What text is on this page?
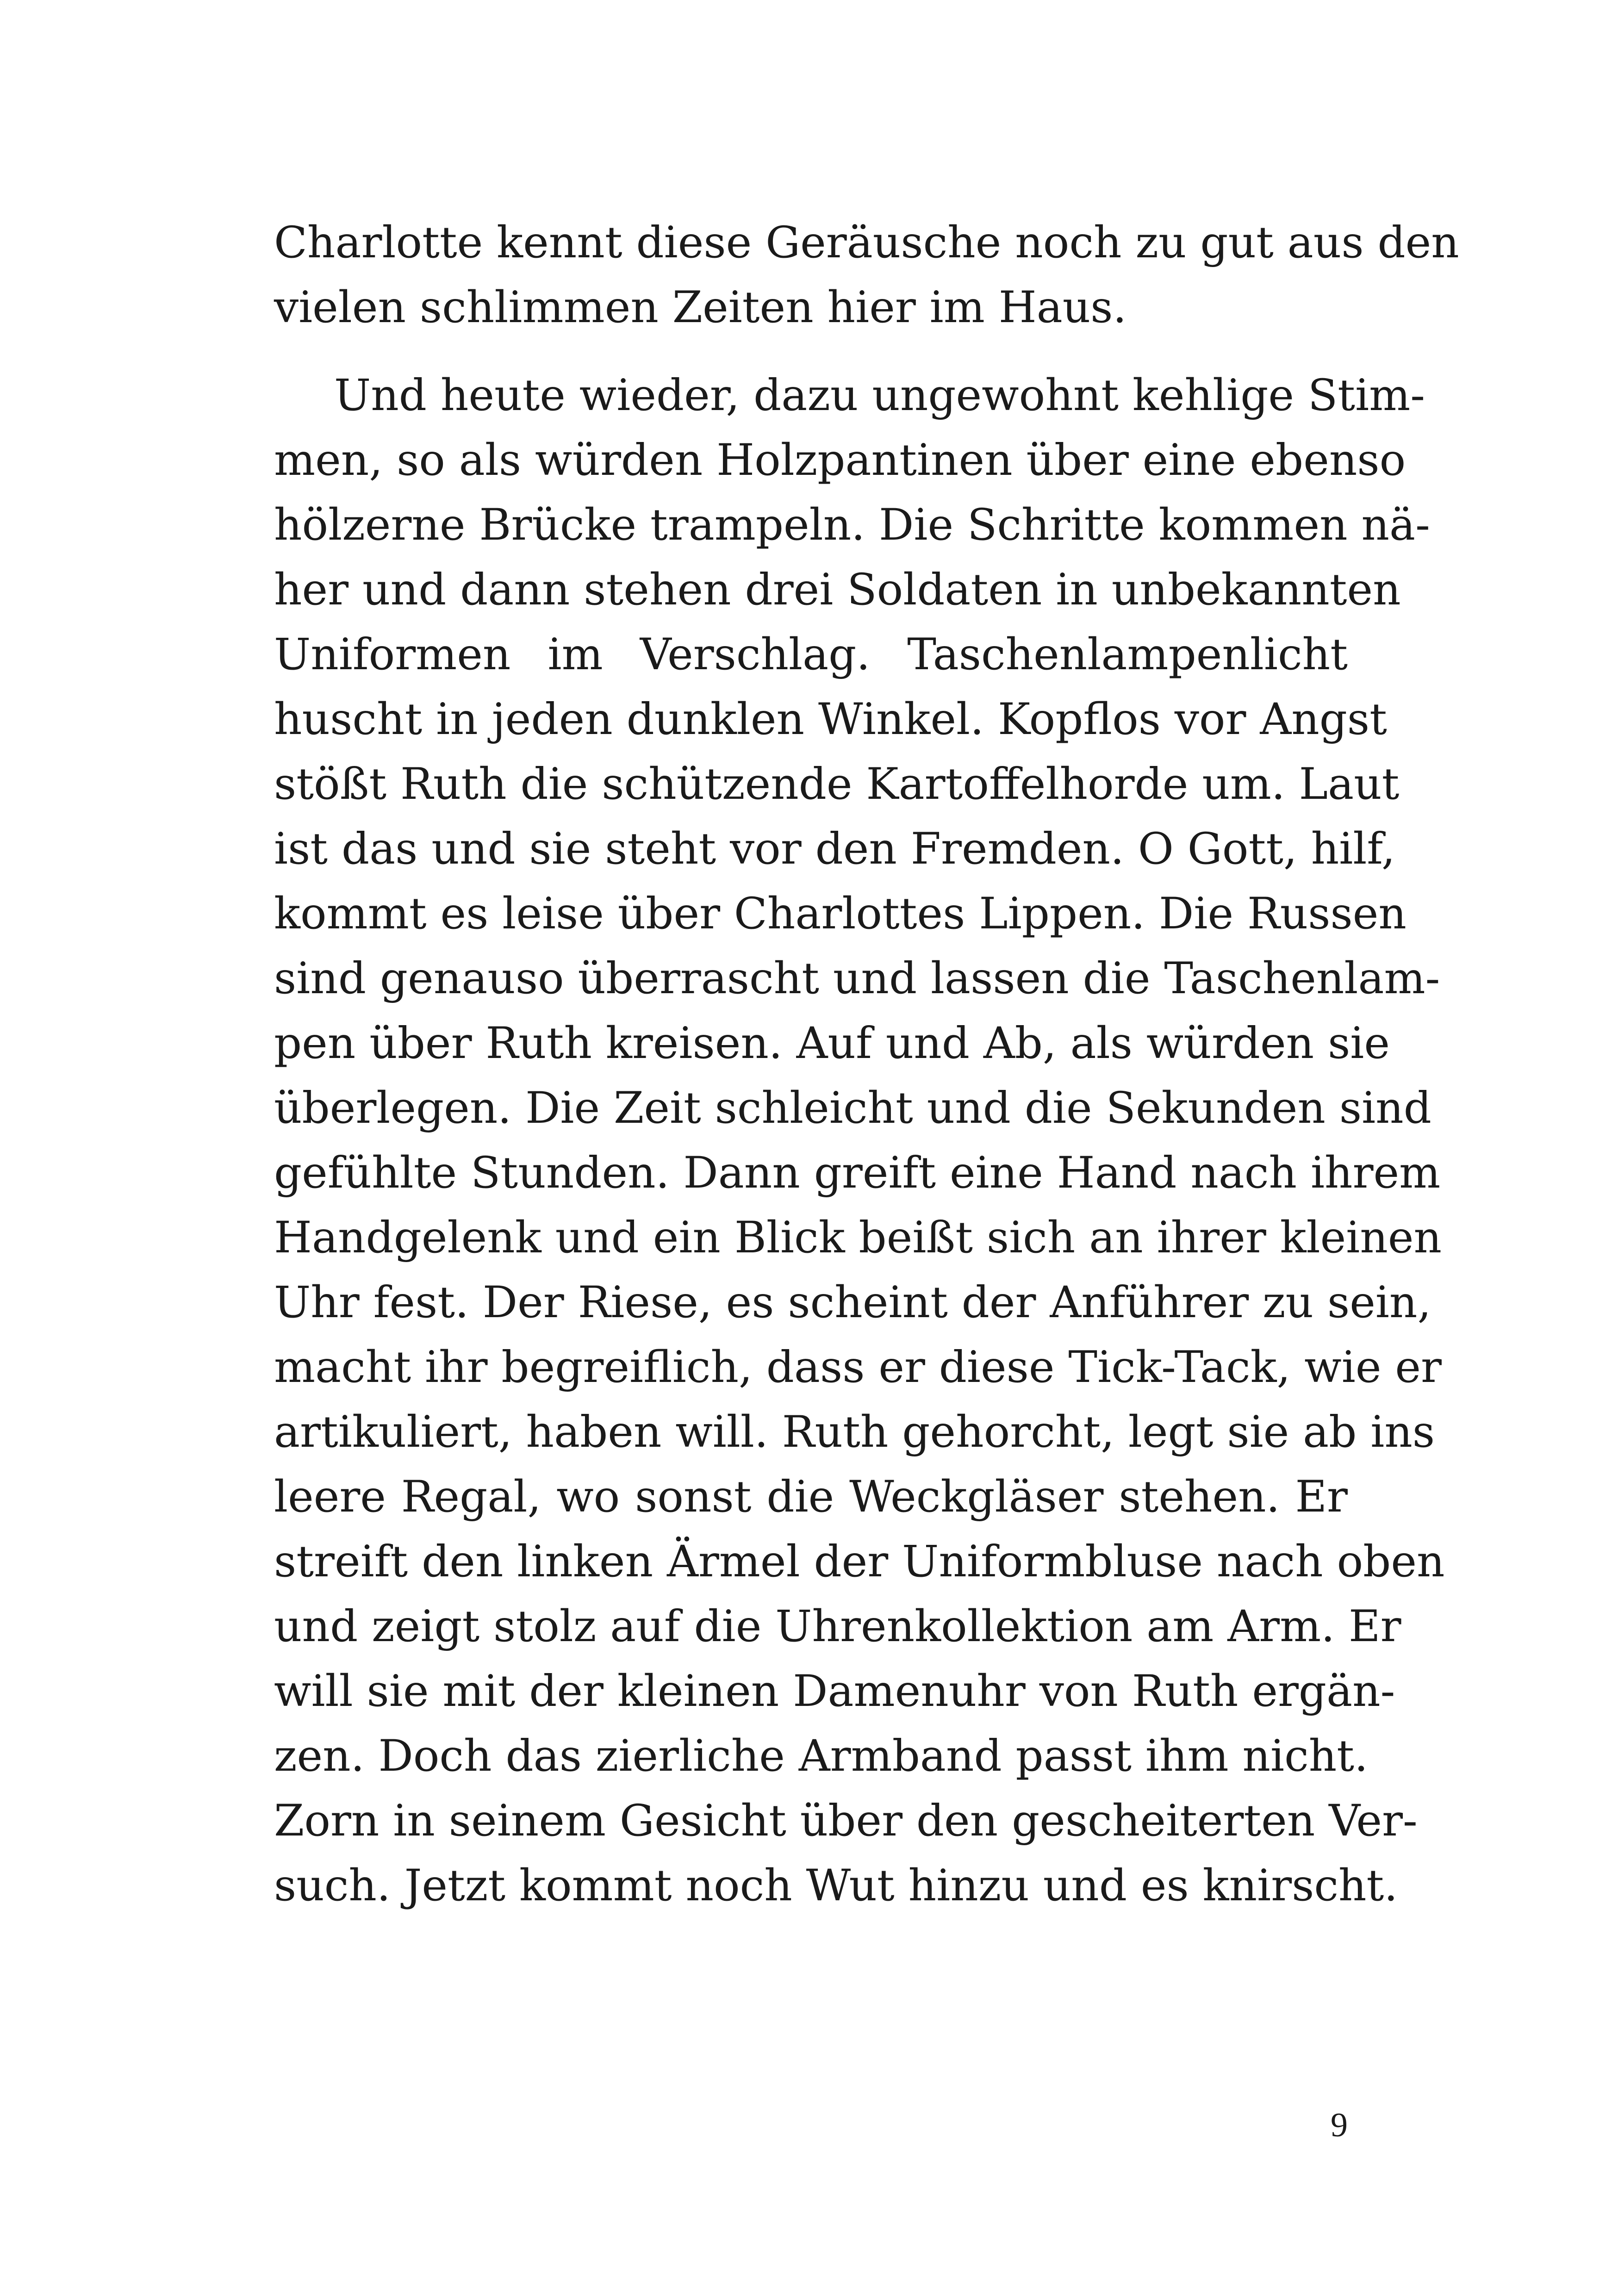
Charlotte kennt diese Geräusche noch zu gut aus den
vielen schlimmen Zeiten hier im Haus.
Und heute wieder, dazu ungewohnt kehlige Stim-
men, so als würden Holzpantinen über eine ebenso
hölzerne Brücke trampeln. Die Schritte kommen nä-
her und dann stehen drei Soldaten in unbekannten
Uniformen im Verschlag. Taschenlampenlicht
huscht in jeden dunklen Winkel. Kopflos vor Angst
stößt Ruth die schützende Kartoffelhorde um. Laut
ist das und sie steht vor den Fremden. O Gott, hilf,
kommt es leise über Charlottes Lippen. Die Russen
sind genauso überrascht und lassen die Taschenlam-
pen über Ruth kreisen. Auf und Ab, als würden sie
überlegen. Die Zeit schleicht und die Sekunden sind
gefühlte Stunden. Dann greift eine Hand nach ihrem
Handgelenk und ein Blick beißt sich an ihrer kleinen
Uhr fest. Der Riese, es scheint der Anführer zu sein,
macht ihr begreiflich, dass er diese Tick-Tack, wie er
artikuliert, haben will. Ruth gehorcht, legt sie ab ins
leere Regal, wo sonst die Weckgläser stehen. Er
streift den linken Ärmel der Uniformbluse nach oben
und zeigt stolz auf die Uhrenkollektion am Arm. Er
will sie mit der kleinen Damenuhr von Ruth ergän-
zen. Doch das zierliche Armband passt ihm nicht.
Zorn in seinem Gesicht über den gescheiterten Ver-
such. Jetzt kommt noch Wut hinzu und es knirscht.
9
